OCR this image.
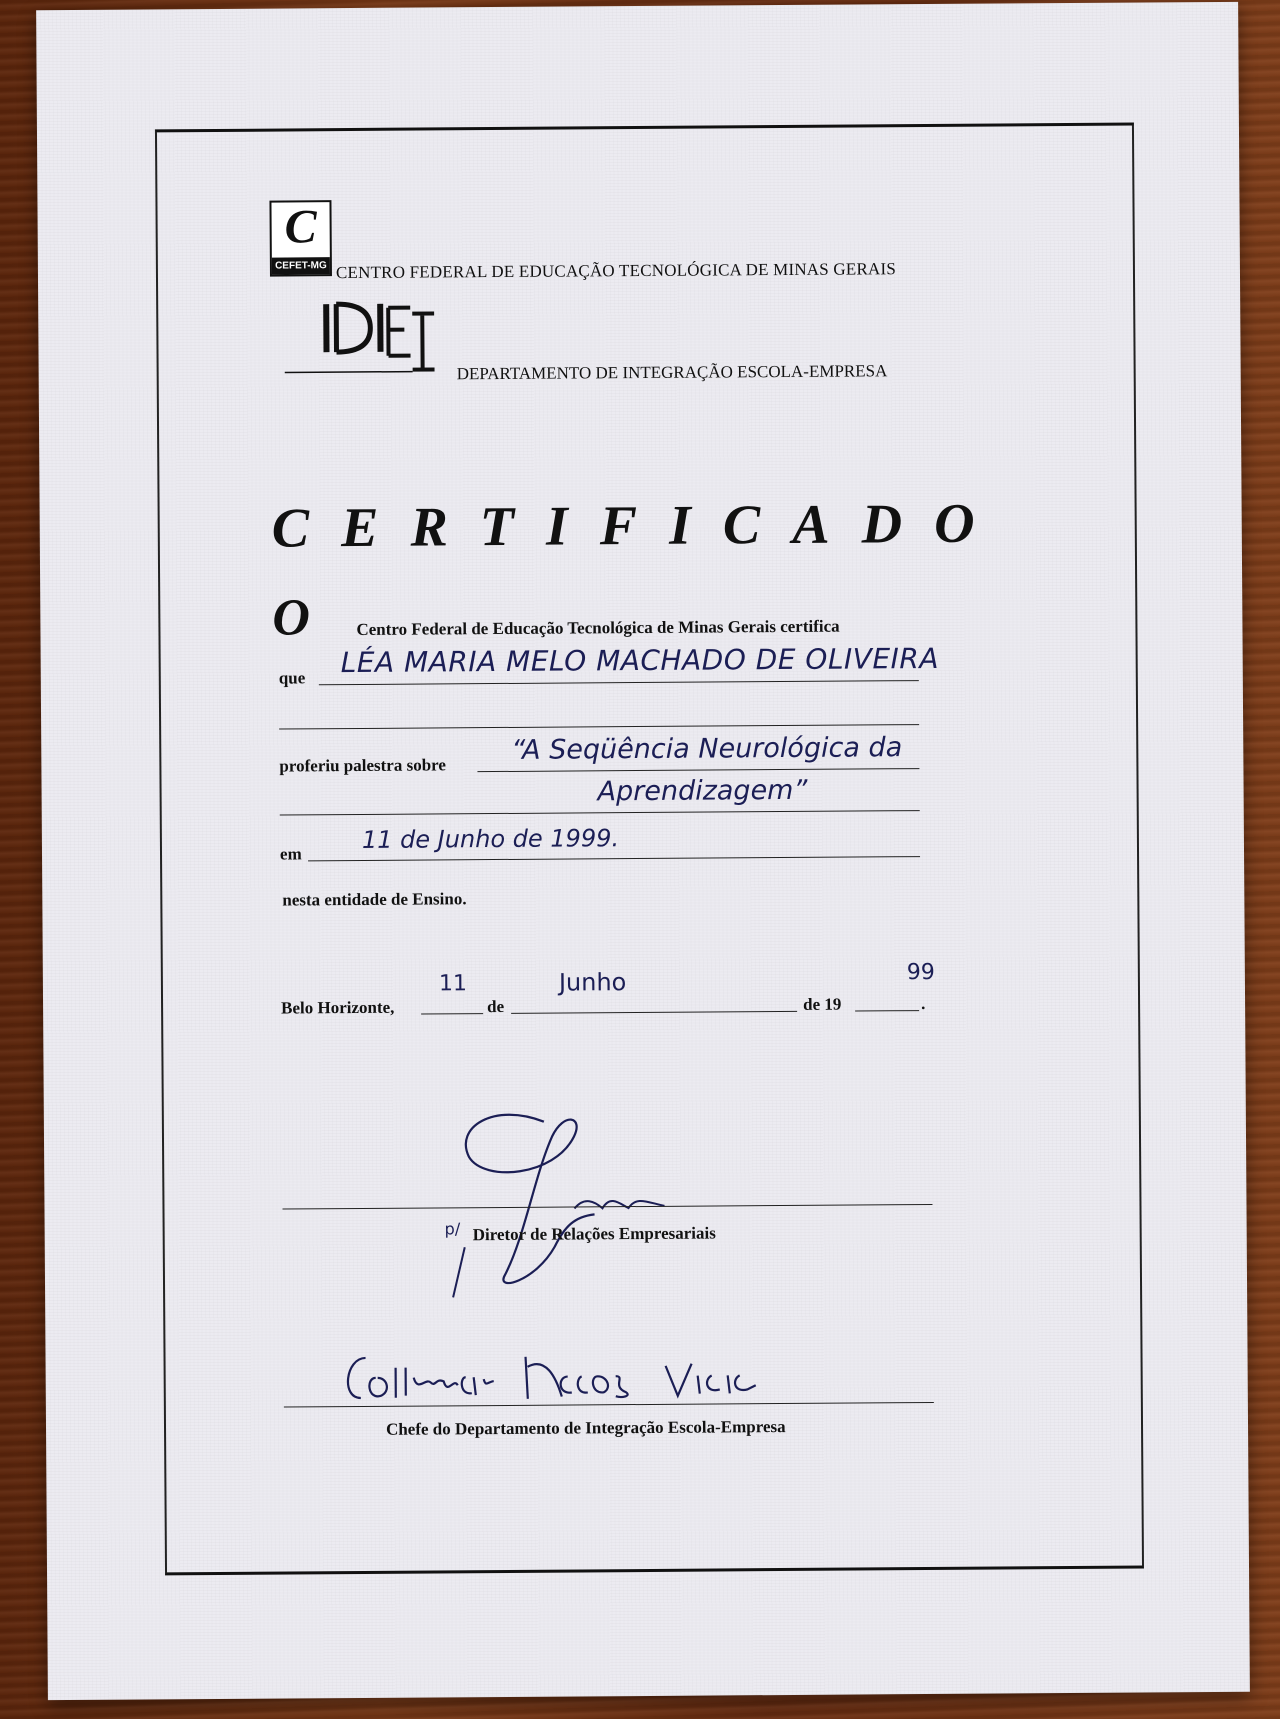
C
CEFET-MG CENTRO FEDERAL DE EDUCAÇÃO TECNOLÓGICA DE MINAS GERAIS
DEPARTAMENTO DE INTEGRAÇÃO ESCOLA-EMPRESA
CERTIFICADO
O	Centro Federal de Educação Tecnológica de Minas Gerais certifica
que LÉA MARIA MELO MACHADO DE OLIVEIRA
proferiu palestra sobre “A Seqüência Neurológica da
Aprendizagem”
em	11 de Junho de 1999.
nesta entidade de Ensino.
Belo Horizonte,
11
de
Junho
de 19
99
.
p/ Diretor de Relações Empresariais
Chefe do Departamento de Integração Escola-Empresa
